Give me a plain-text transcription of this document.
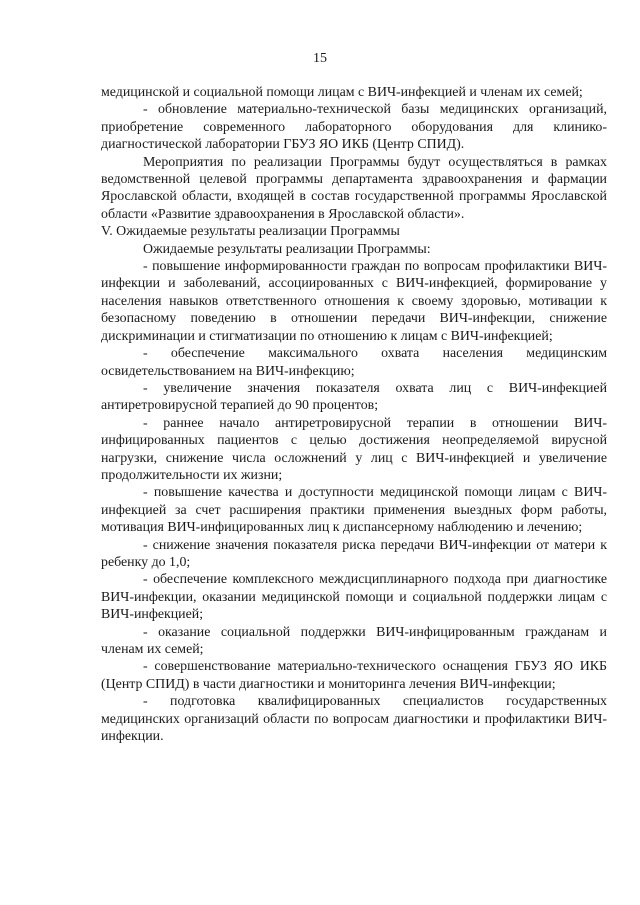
15

медицинской и социальной помощи лицам с ВИЧ-инфекцией и членам их семей;

- обновление материально-технической базы медицинских организаций, приобретение современного лабораторного оборудования для клинико-диагностической лаборатории ГБУЗ ЯО ИКБ (Центр СПИД).

Мероприятия по реализации Программы будут осуществляться в рамках ведомственной целевой программы департамента здравоохранения и фармации Ярославской области, входящей в состав государственной программы Ярославской области «Развитие здравоохранения в Ярославской области».

V. Ожидаемые результаты реализации Программы

Ожидаемые результаты реализации Программы:

- повышение информированности граждан по вопросам профилактики ВИЧ-инфекции и заболеваний, ассоциированных с ВИЧ-инфекцией, формирование у населения навыков ответственного отношения к своему здоровью, мотивации к безопасному поведению в отношении передачи ВИЧ-инфекции, снижение дискриминации и стигматизации по отношению к лицам с ВИЧ-инфекцией;

- обеспечение максимального охвата населения медицинским освидетельствованием на ВИЧ-инфекцию;

- увеличение значения показателя охвата лиц с ВИЧ-инфекцией антиретровирусной терапией до 90 процентов;

- раннее начало антиретровирусной терапии в отношении ВИЧ-инфицированных пациентов с целью достижения неопределяемой вирусной нагрузки, снижение числа осложнений у лиц с ВИЧ-инфекцией и увеличение продолжительности их жизни;

- повышение качества и доступности медицинской помощи лицам с ВИЧ-инфекцией за счет расширения практики применения выездных форм работы, мотивация ВИЧ-инфицированных лиц к диспансерному наблюдению и лечению;

- снижение значения показателя риска передачи ВИЧ-инфекции от матери к ребенку до 1,0;

- обеспечение комплексного междисциплинарного подхода при диагностике ВИЧ-инфекции, оказании медицинской помощи и социальной поддержки лицам с ВИЧ-инфекцией;

- оказание социальной поддержки ВИЧ-инфицированным гражданам и членам их семей;

- совершенствование материально-технического оснащения ГБУЗ ЯО ИКБ (Центр СПИД) в части диагностики и мониторинга лечения ВИЧ-инфекции;

- подготовка квалифицированных специалистов государственных медицинских организаций области по вопросам диагностики и профилактики ВИЧ-инфекции.
